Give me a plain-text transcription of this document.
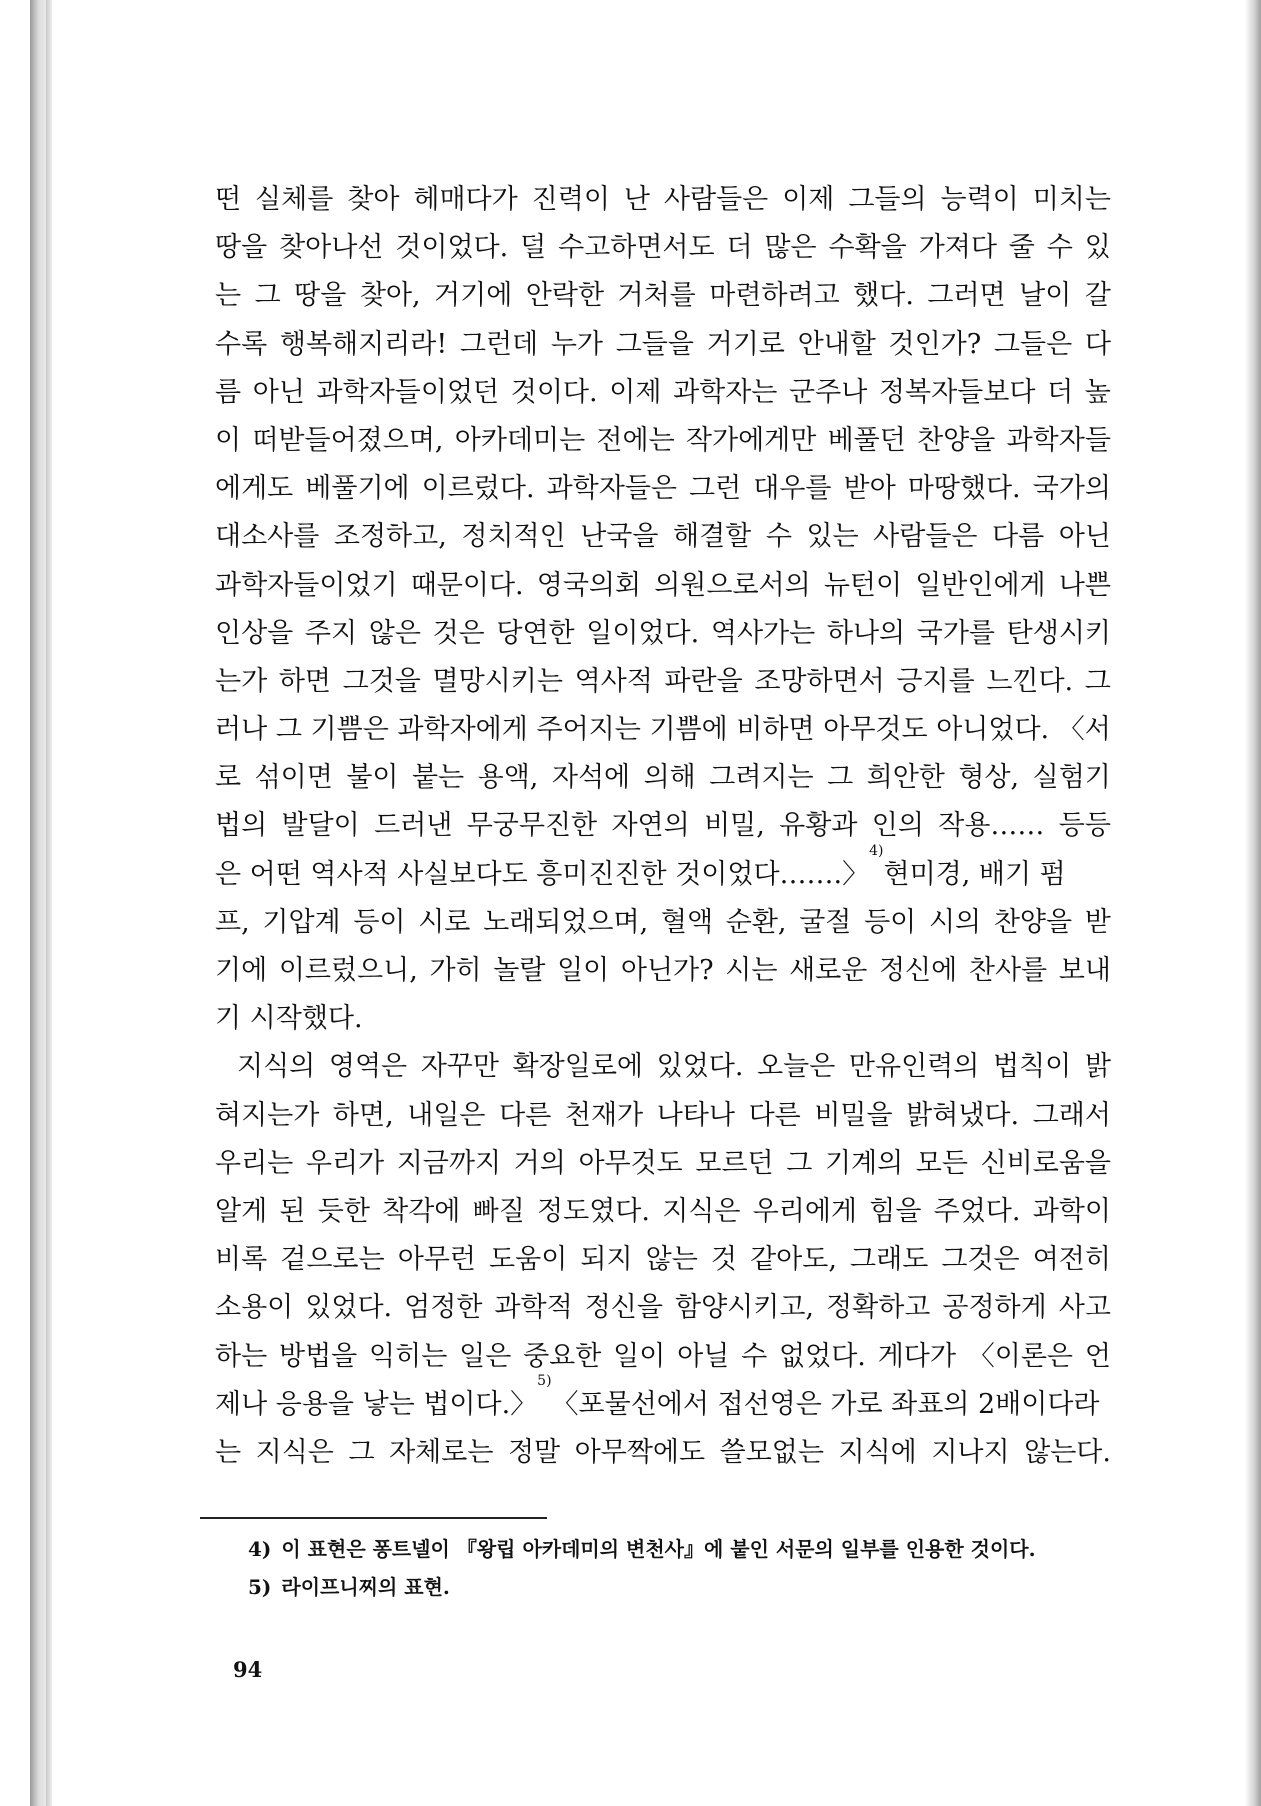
떤 실체를 찾아 헤매다가 진력이 난 사람들은 이제 그들의 능력이 미치는
땅을 찾아나선 것이었다. 덜 수고하면서도 더 많은 수확을 가져다 줄 수 있
는 그 땅을 찾아, 거기에 안락한 거처를 마련하려고 했다. 그러면 날이 갈
수록 행복해지리라! 그런데 누가 그들을 거기로 안내할 것인가? 그들은 다
름 아닌 과학자들이었던 것이다. 이제 과학자는 군주나 정복자들보다 더 높
이 떠받들어졌으며, 아카데미는 전에는 작가에게만 베풀던 찬양을 과학자들
에게도 베풀기에 이르렀다. 과학자들은 그런 대우를 받아 마땅했다. 국가의
대소사를 조정하고, 정치적인 난국을 해결할 수 있는 사람들은 다름 아닌
과학자들이었기 때문이다. 영국의회 의원으로서의 뉴턴이 일반인에게 나쁜
인상을 주지 않은 것은 당연한 일이었다. 역사가는 하나의 국가를 탄생시키
는가 하면 그것을 멸망시키는 역사적 파란을 조망하면서 긍지를 느낀다. 그
러나 그 기쁨은 과학자에게 주어지는 기쁨에 비하면 아무것도 아니었다. 〈서
로 섞이면 불이 붙는 용액, 자석에 의해 그려지는 그 희안한 형상, 실험기
법의 발달이 드러낸 무궁무진한 자연의 비밀, 유황과 인의 작용…… 등등
은 어떤 역사적 사실보다도 흥미진진한 것이었다…….〉
4)
현미경, 배기 펌
프, 기압계 등이 시로 노래되었으며, 혈액 순환, 굴절 등이 시의 찬양을 받
기에 이르렀으니, 가히 놀랄 일이 아닌가? 시는 새로운 정신에 찬사를 보내
기 시작했다.
지식의 영역은 자꾸만 확장일로에 있었다. 오늘은 만유인력의 법칙이 밝
혀지는가 하면, 내일은 다른 천재가 나타나 다른 비밀을 밝혀냈다. 그래서
우리는 우리가 지금까지 거의 아무것도 모르던 그 기계의 모든 신비로움을
알게 된 듯한 착각에 빠질 정도였다. 지식은 우리에게 힘을 주었다. 과학이
비록 겉으로는 아무런 도움이 되지 않는 것 같아도, 그래도 그것은 여전히
소용이 있었다. 엄정한 과학적 정신을 함양시키고, 정확하고 공정하게 사고
하는 방법을 익히는 일은 중요한 일이 아닐 수 없었다. 게다가 〈이론은 언
제나 응용을 낳는 법이다.〉
5)
〈포물선에서 접선영은 가로 좌표의 2배이다라
는 지식은 그 자체로는 정말 아무짝에도 쓸모없는 지식에 지나지 않는다.
4) 이 표현은 퐁트넬이 『왕립 아카데미의 변천사』에 붙인 서문의 일부를 인용한 것이다.
5) 라이프니찌의 표현.
94
